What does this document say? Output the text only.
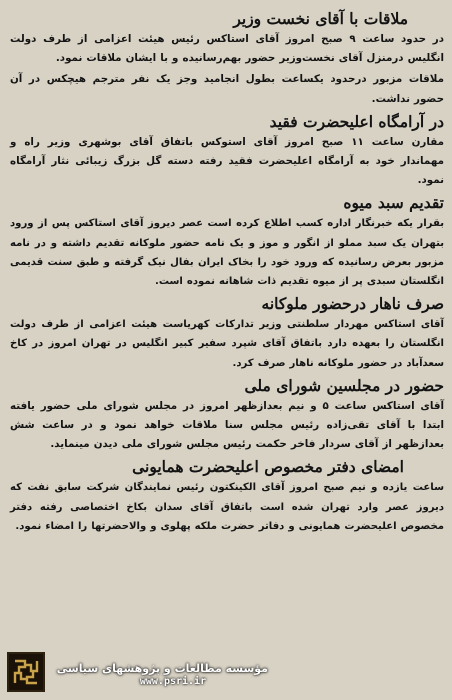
ملاقات با آقای نخست وزیر

در حدود ساعت ۹ صبح امروز آقای استاکس رئیس هیئت اعزامی از طرف دولت انگلیس درمنزل آقای نخست‌وزیر حضور بهم‌رسانیده و با ایشان ملاقات نمود.

ملاقات مزبور درحدود یکساعت بطول انجامید وجز یک نفر مترجم هیچکس در آن حضور نداشت.

در آرامگاه اعلیحضرت فقید

مقارن ساعت ۱۱ صبح امروز آقای استوکس باتفاق آقای بوشهری وزیر راه و مهماندار خود به آرامگاه اعلیحضرت فقید رفته دسته گل بزرگ زیبائی نثار آرامگاه نمود.

تقدیم سبد میوه

بقرار یکه خبرنگار اداره کسب اطلاع کرده است عصر دیروز آقای استاکس پس از ورود بتهران یک سبد مملو از انگور و موز و یک نامه حضور ملوکانه تقدیم داشته و در نامه مزبور بعرض رسانیده که ورود خود را بخاک ایران بفال نیک گرفته و طبق سنت قدیمی انگلستان سبدی پر از میوه تقدیم ذات شاهانه نموده است.

صرف ناهار درحضور ملوکانه

آقای استاکس مهردار سلطنتی وزیر تدارکات کهریاست هیئت اعزامی از طرف دولت انگلستان را بعهده دارد باتفاق آقای شپرد سفیر کبیر انگلیس در تهران امروز در کاخ سعدآباد در حضور ملوکانه ناهار صرف کرد.

حضور در مجلسین شورای ملی

آقای استاکس ساعت ۵ و نیم بعدازظهر امروز در مجلس شورای ملی حضور یافته ابتدا با آقای تقی‌زاده رئیس مجلس سنا ملاقات خواهد نمود و در ساعت شش بعدازظهر از آقای سردار فاخر حکمت رئیس مجلس شورای ملی دیدن مینماید.

امضای دفتر مخصوص اعلیحضرت همایونی

ساعت یازده و نیم صبح امروز آقای الکینکتون رئیس نمایندگان شرکت سابق نفت که دیروز عصر وارد تهران شده است باتفاق آقای سدان بکاخ اختصاصی رفته دفتر مخصوص اعلیحضرت همایونی و دفاتر حضرت ملکه پهلوی و والاحضرتها را امضاء نمود.

مؤسسه مطالعات و پژوهشهای سیاسی
www.psri.ir
